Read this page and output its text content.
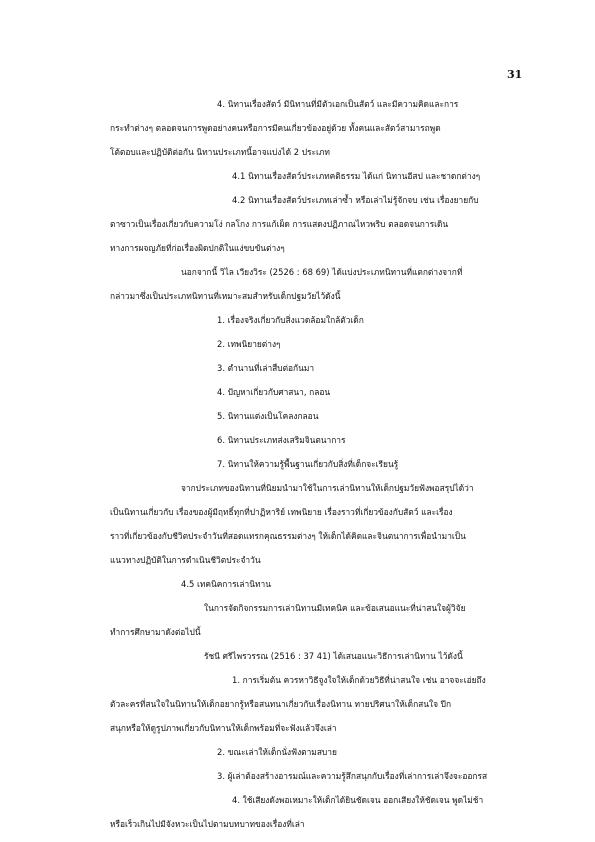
31
4. นิทานเรื่องสัตว์ มีนิทานที่มีตัวเอกเป็นสัตว์ และมีความคิดและการ
กระทำต่างๆ ตลอดจนการพูดอย่างคนหรือการมีคนเกี่ยวข้องอยู่ด้วย ทั้งคนและสัตว์สามารถพูด
โต้ตอบและปฏิบัติต่อกัน นิทานประเภทนี้อาจแบ่งได้ 2 ประเภท
4.1 นิทานเรื่องสัตว์ประเภทคติธรรม ได้แก่ นิทานอีสป และชาดกต่างๆ
4.2 นิทานเรื่องสัตว์ประเภทเล่าซ้ำ หรือเล่าไม่รู้จักจบ เช่น เรื่องยายกับ
ตาซาวเป็นเรื่องเกี่ยวกับความโง่ กลโกง การแก้เผ็ด การแสดงปฏิภาณไหวพริบ ตลอดจนการเดิน
ทางการผจญภัยที่ก่อเรื่องผิดปกติในแง่ขบขันต่างๆ
นอกจากนี้ วิไล เวียงวิระ (2526 : 68 69) ได้แบ่งประเภทนิทานที่แตกต่างจากที่
กล่าวมาซึ่งเป็นประเภทนิทานที่เหมาะสมสำหรับเด็กปฐมวัยไว้ดังนี้
1. เรื่องจริงเกี่ยวกับสิ่งแวดล้อมใกล้ตัวเด็ก
2. เทพนิยายต่างๆ
3. ตำนานที่เล่าสืบต่อกันมา
4. ปัญหาเกี่ยวกับศาสนา, กลอน
5. นิทานแต่งเป็นโคลงกลอน
6. นิทานประเภทส่งเสริมจินตนาการ
7. นิทานให้ความรู้พื้นฐานเกี่ยวกับสิ่งที่เด็กจะเรียนรู้
จากประเภทของนิทานที่นิยมนำมาใช้ในการเล่านิทานให้เด็กปฐมวัยฟังพอสรุปได้ว่า
เป็นนิทานเกี่ยวกับ เรื่องของผู้มีฤทธิ์ทุกที่ปาฏิหาริย์ เทพนิยาย เรื่องราวที่เกี่ยวข้องกับสัตว์ และเรื่อง
ราวที่เกี่ยวข้องกับชีวิตประจำวันที่สอดแทรกคุณธรรมต่างๆ ให้เด็กได้คิดและจินตนาการเพื่อนำมาเป็น
แนวทางปฏิบัติในการดำเนินชีวิตประจำวัน
4.5 เทคนิคการเล่านิทาน
ในการจัดกิจกรรมการเล่านิทานมีเทคนิค และข้อเสนอแนะที่น่าสนใจผู้วิจัย
ทำการศึกษามาดังต่อไปนี้
รัชนี ศรีไพรวรรณ (2516 : 37 41) ได้เสนอแนะวิธีการเล่านิทาน ไว้ดังนี้
1. การเริ่มต้น ควรหาวิธีจูงใจให้เด็กด้วยวิธีที่น่าสนใจ เช่น อาจจะเอ่ยถึง
ตัวละครที่สนใจในนิทานให้เด็กอยากรู้หรือสนทนาเกี่ยวกับเรื่องนิทาน ทายปริศนาให้เด็กสนใจ ปีก
สนุกหรือให้ดูรูปภาพเกี่ยวกับนิทานให้เด็กพร้อมที่จะฟังแล้วจึงเล่า
2. ขณะเล่าให้เด็กนั่งฟังตามสบาย
3. ผู้เล่าต้องสร้างอารมณ์และความรู้สึกสนุกกับเรื่องที่เล่าการเล่าจึงจะออกรส
4. ใช้เสียงดังพอเหมาะให้เด็กได้ยินชัดเจน ออกเสียงให้ชัดเจน พูดไม่ช้า
หรือเร็วเกินไปมีจังหวะเป็นไปตามบทบาทของเรื่องที่เล่า
